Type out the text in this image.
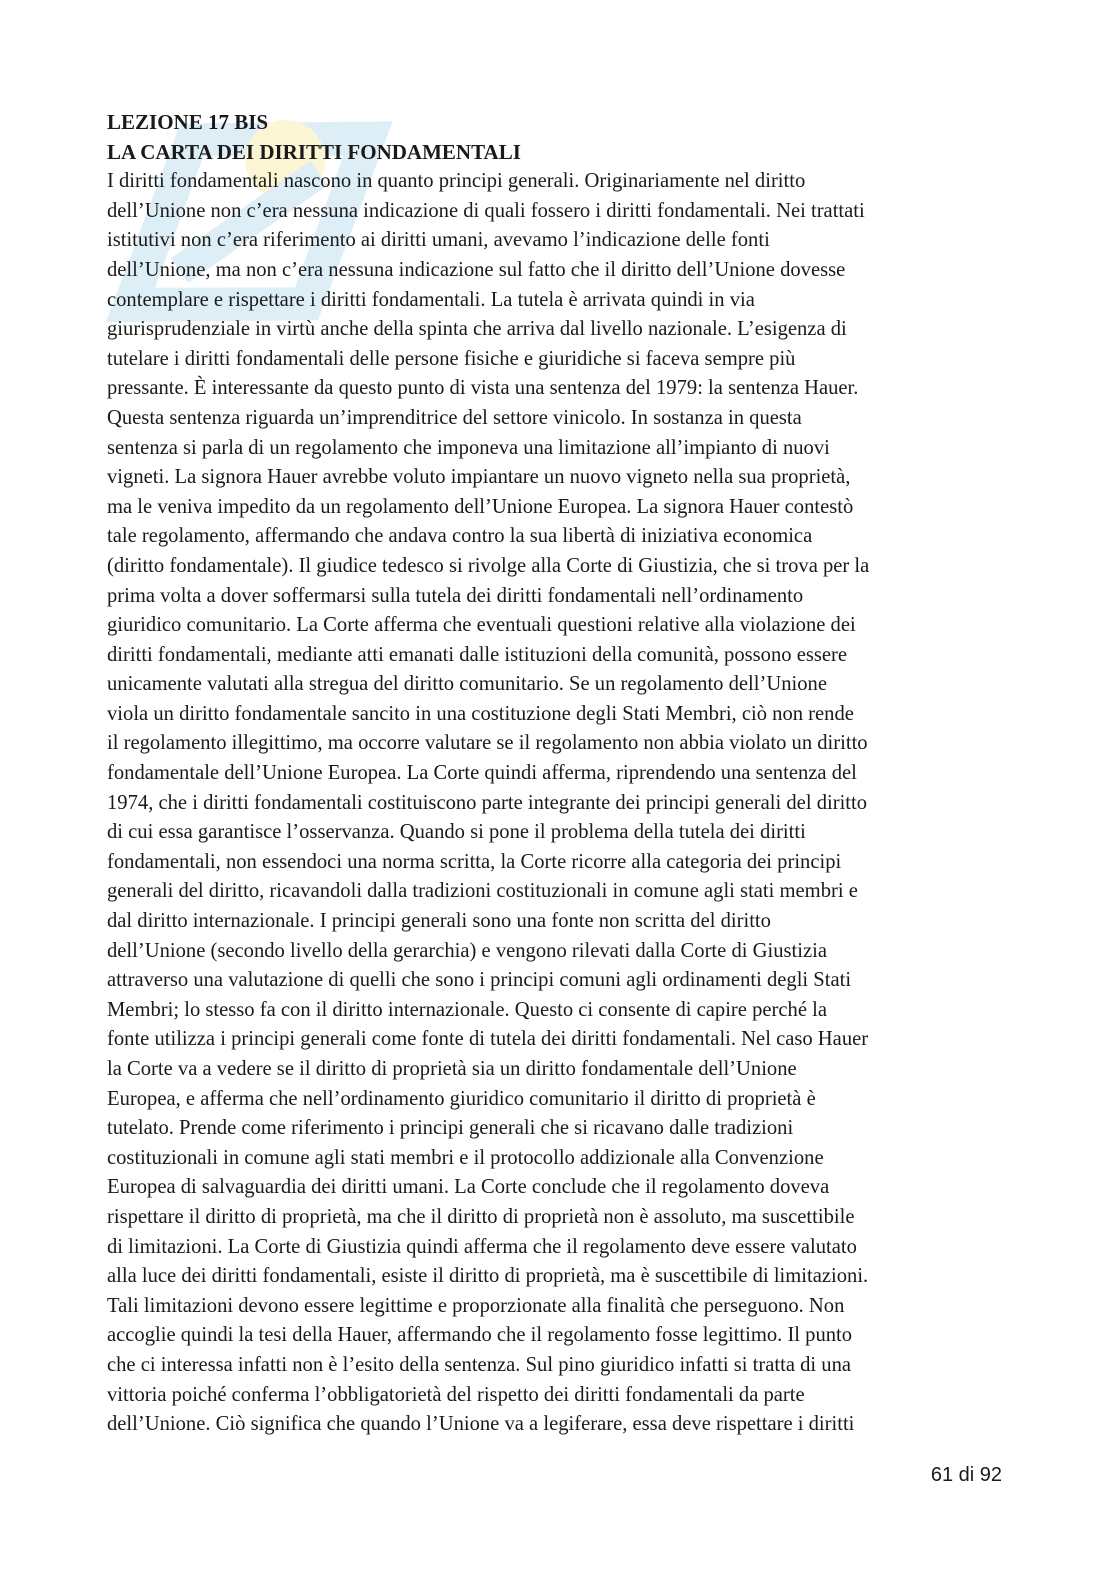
LEZIONE 17 BIS
LA CARTA DEI DIRITTI FONDAMENTALI

I diritti fondamentali nascono in quanto principi generali. Originariamente nel diritto
dell’Unione non c’era nessuna indicazione di quali fossero i diritti fondamentali. Nei trattati
istitutivi non c’era riferimento ai diritti umani, avevamo l’indicazione delle fonti
dell’Unione, ma non c’era nessuna indicazione sul fatto che il diritto dell’Unione dovesse
contemplare e rispettare i diritti fondamentali. La tutela è arrivata quindi in via
giurisprudenziale in virtù anche della spinta che arriva dal livello nazionale. L’esigenza di
tutelare i diritti fondamentali delle persone fisiche e giuridiche si faceva sempre più
pressante. È interessante da questo punto di vista una sentenza del 1979: la sentenza Hauer.
Questa sentenza riguarda un’imprenditrice del settore vinicolo. In sostanza in questa
sentenza si parla di un regolamento che imponeva una limitazione all’impianto di nuovi
vigneti. La signora Hauer avrebbe voluto impiantare un nuovo vigneto nella sua proprietà,
ma le veniva impedito da un regolamento dell’Unione Europea. La signora Hauer contestò
tale regolamento, affermando che andava contro la sua libertà di iniziativa economica
(diritto fondamentale). Il giudice tedesco si rivolge alla Corte di Giustizia, che si trova per la
prima volta a dover soffermarsi sulla tutela dei diritti fondamentali nell’ordinamento
giuridico comunitario. La Corte afferma che eventuali questioni relative alla violazione dei
diritti fondamentali, mediante atti emanati dalle istituzioni della comunità, possono essere
unicamente valutati alla stregua del diritto comunitario. Se un regolamento dell’Unione
viola un diritto fondamentale sancito in una costituzione degli Stati Membri, ciò non rende
il regolamento illegittimo, ma occorre valutare se il regolamento non abbia violato un diritto
fondamentale dell’Unione Europea. La Corte quindi afferma, riprendendo una sentenza del
1974, che i diritti fondamentali costituiscono parte integrante dei principi generali del diritto
di cui essa garantisce l’osservanza. Quando si pone il problema della tutela dei diritti
fondamentali, non essendoci una norma scritta, la Corte ricorre alla categoria dei principi
generali del diritto, ricavandoli dalla tradizioni costituzionali in comune agli stati membri e
dal diritto internazionale. I principi generali sono una fonte non scritta del diritto
dell’Unione (secondo livello della gerarchia) e vengono rilevati dalla Corte di Giustizia
attraverso una valutazione di quelli che sono i principi comuni agli ordinamenti degli Stati
Membri; lo stesso fa con il diritto internazionale. Questo ci consente di capire perché la
fonte utilizza i principi generali come fonte di tutela dei diritti fondamentali. Nel caso Hauer
la Corte va a vedere se il diritto di proprietà sia un diritto fondamentale dell’Unione
Europea, e afferma che nell’ordinamento giuridico comunitario il diritto di proprietà è
tutelato. Prende come riferimento i principi generali che si ricavano dalle tradizioni
costituzionali in comune agli stati membri e il protocollo addizionale alla Convenzione
Europea di salvaguardia dei diritti umani. La Corte conclude che il regolamento doveva
rispettare il diritto di proprietà, ma che il diritto di proprietà non è assoluto, ma suscettibile
di limitazioni. La Corte di Giustizia quindi afferma che il regolamento deve essere valutato
alla luce dei diritti fondamentali, esiste il diritto di proprietà, ma è suscettibile di limitazioni.
Tali limitazioni devono essere legittime e proporzionate alla finalità che perseguono. Non
accoglie quindi la tesi della Hauer, affermando che il regolamento fosse legittimo. Il punto
che ci interessa infatti non è l’esito della sentenza. Sul pino giuridico infatti si tratta di una
vittoria poiché conferma l’obbligatorietà del rispetto dei diritti fondamentali da parte
dell’Unione. Ciò significa che quando l’Unione va a legiferare, essa deve rispettare i diritti

61 di 92
